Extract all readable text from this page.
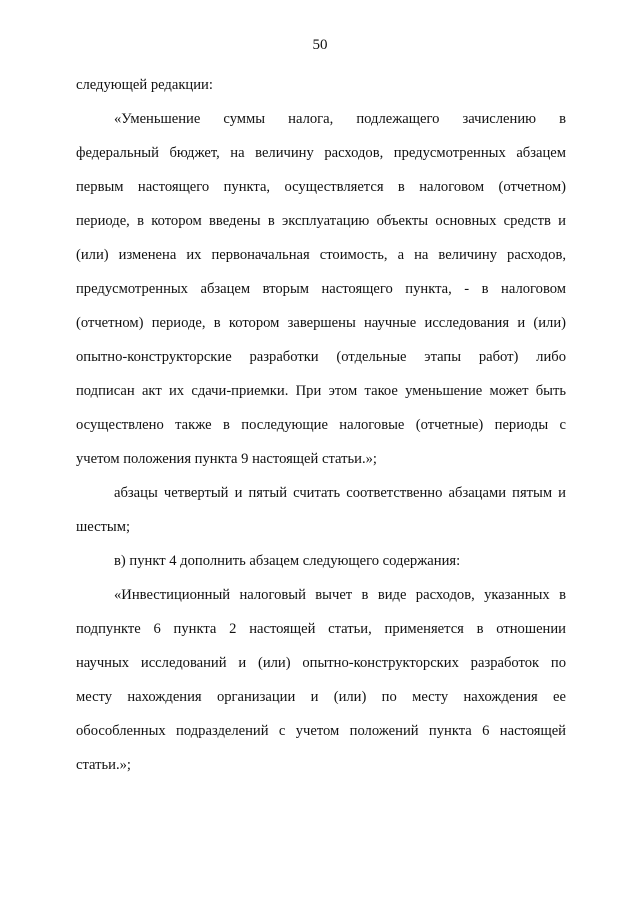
50
следующей редакции:
«Уменьшение суммы налога, подлежащего зачислению в
федеральный бюджет, на величину расходов, предусмотренных абзацем
первым настоящего пункта, осуществляется в налоговом (отчетном)
периоде, в котором введены в эксплуатацию объекты основных средств и
(или) изменена их первоначальная стоимость, а на величину расходов,
предусмотренных абзацем вторым настоящего пункта, - в налоговом
(отчетном) периоде, в котором завершены научные исследования и (или)
опытно-конструкторские разработки (отдельные этапы работ) либо
подписан акт их сдачи-приемки. При этом такое уменьшение может быть
осуществлено также в последующие налоговые (отчетные) периоды с
учетом положения пункта 9 настоящей статьи.»;
абзацы четвертый и пятый считать соответственно абзацами пятым и
шестым;
в) пункт 4 дополнить абзацем следующего содержания:
«Инвестиционный налоговый вычет в виде расходов, указанных в
подпункте 6 пункта 2 настоящей статьи, применяется в отношении
научных исследований и (или) опытно-конструкторских разработок по
месту нахождения организации и (или) по месту нахождения ее
обособленных подразделений с учетом положений пункта 6 настоящей
статьи.»;
